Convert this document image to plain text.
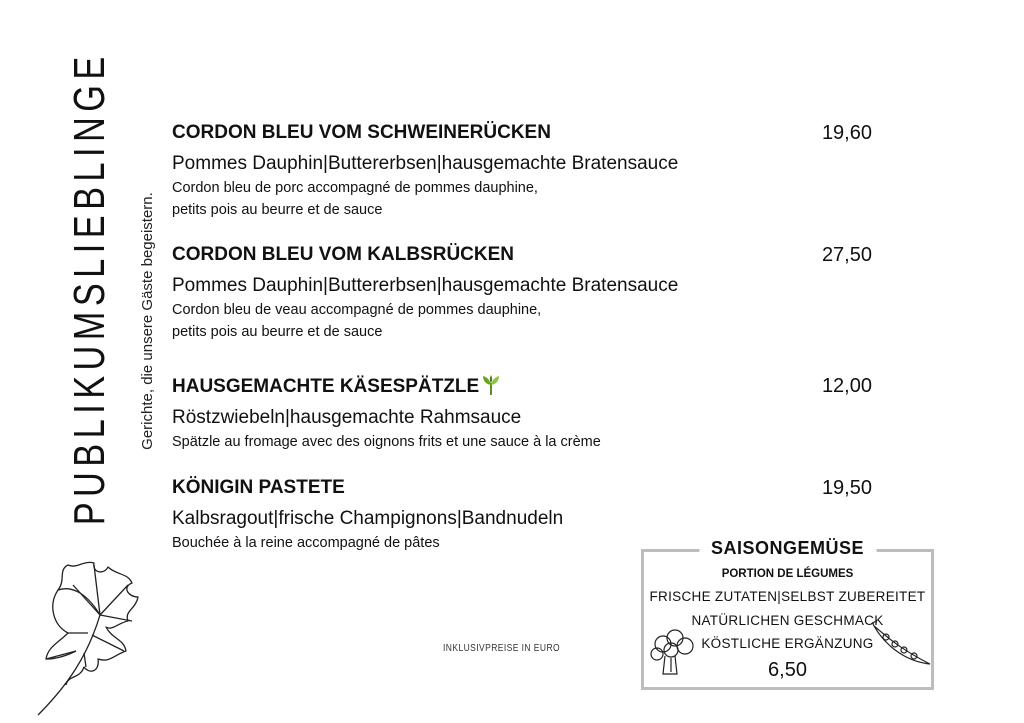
PUBLIKUMSLIEBLINGE	Gerichte, die unsere Gäste begeistern.
CORDON BLEU VOM SCHWEINERÜCKEN	19,60
Pommes Dauphin|Buttererbsen|hausgemachte Bratensauce
Cordon bleu de porc accompagné de pommes dauphine,
petits pois au beurre et de sauce
CORDON BLEU VOM KALBSRÜCKEN	27,50
Pommes Dauphin|Buttererbsen|hausgemachte Bratensauce
Cordon bleu de veau accompagné de pommes dauphine,
petits pois au beurre et de sauce
HAUSGEMACHTE KÄSESPÄTZLE	12,00
Röstzwiebeln|hausgemachte Rahmsauce
Spätzle au fromage avec des oignons frits et une sauce à la crème
KÖNIGIN PASTETE	19,50
Kalbsragout|frische Champignons|Bandnudeln
Bouchée à la reine accompagné de pâtes
INKLUSIVPREISE IN EURO
SAISONGEMÜSE
PORTION DE LÉGUMES
FRISCHE ZUTATEN|SELBST ZUBEREITET
NATÜRLICHEN GESCHMACK
KÖSTLICHE ERGÄNZUNG
6,50
